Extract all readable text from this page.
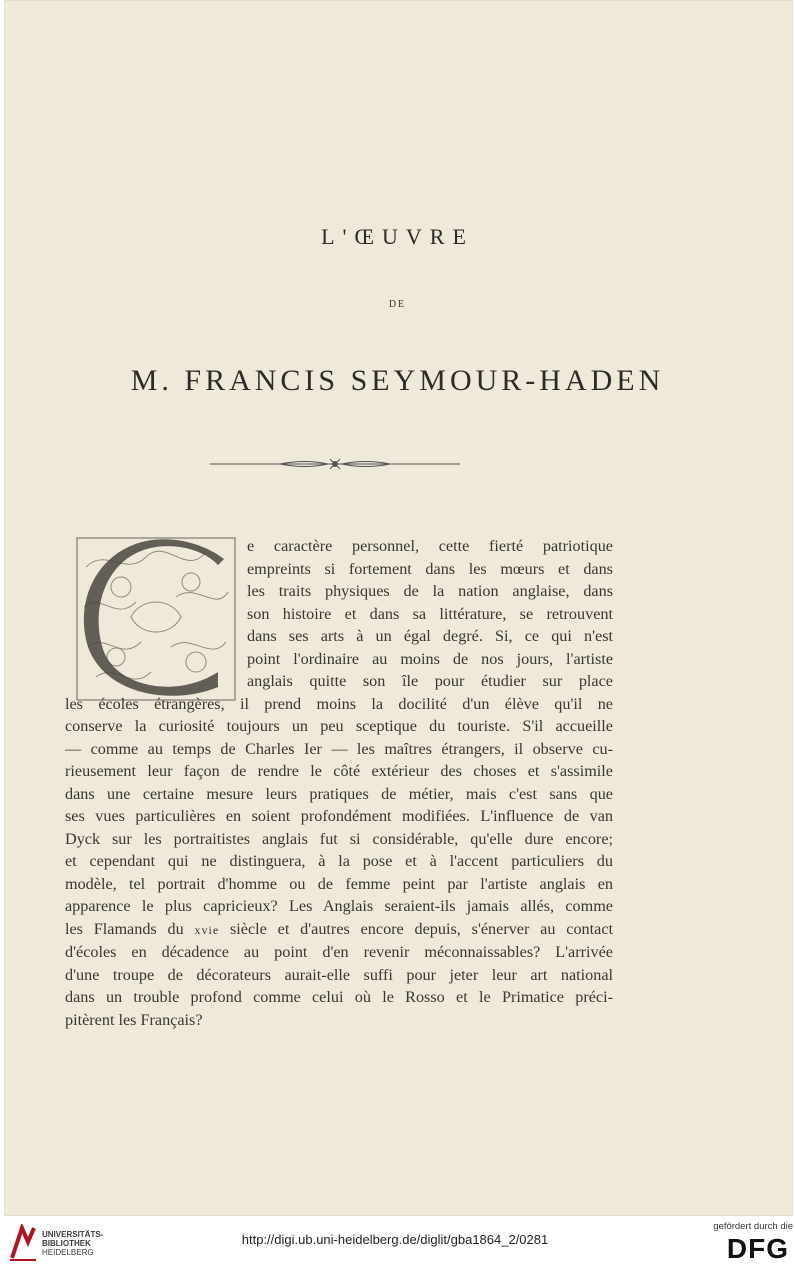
L'ŒUVRE
DE
M. FRANCIS SEYMOUR-HADEN
e caractère personnel, cette fierté patriotique
empreints si fortement dans les mœurs et dans
les traits physiques de la nation anglaise, dans
son histoire et dans sa littérature, se retrouvent
dans ses arts à un égal degré. Si, ce qui n'est
point l'ordinaire au moins de nos jours, l'artiste
anglais quitte son île pour étudier sur place
les écoles étrangères, il prend moins la docilité d'un élève qu'il ne
conserve la curiosité toujours un peu sceptique du touriste. S'il accueille
— comme au temps de Charles Ier — les maîtres étrangers, il observe cu-
rieusement leur façon de rendre le côté extérieur des choses et s'assimile
dans une certaine mesure leurs pratiques de métier, mais c'est sans que
ses vues particulières en soient profondément modifiées. L'influence de van
Dyck sur les portraitistes anglais fut si considérable, qu'elle dure encore;
et cependant qui ne distinguera, à la pose et à l'accent particuliers du
modèle, tel portrait d'homme ou de femme peint par l'artiste anglais en
apparence le plus capricieux? Les Anglais seraient-ils jamais allés, comme
les Flamands du xvie siècle et d'autres encore depuis, s'énerver au contact
d'écoles en décadence au point d'en revenir méconnaissables? L'arrivée
d'une troupe de décorateurs aurait-elle suffi pour jeter leur art national
dans un trouble profond comme celui où le Rosso et le Primatice préci-
pitèrent les Français?
UNIVERSITÄTS-
BIBLIOTHEK
HEIDELBERG
http://digi.ub.uni-heidelberg.de/diglit/gba1864_2/0281
gefördert durch die
DFG
